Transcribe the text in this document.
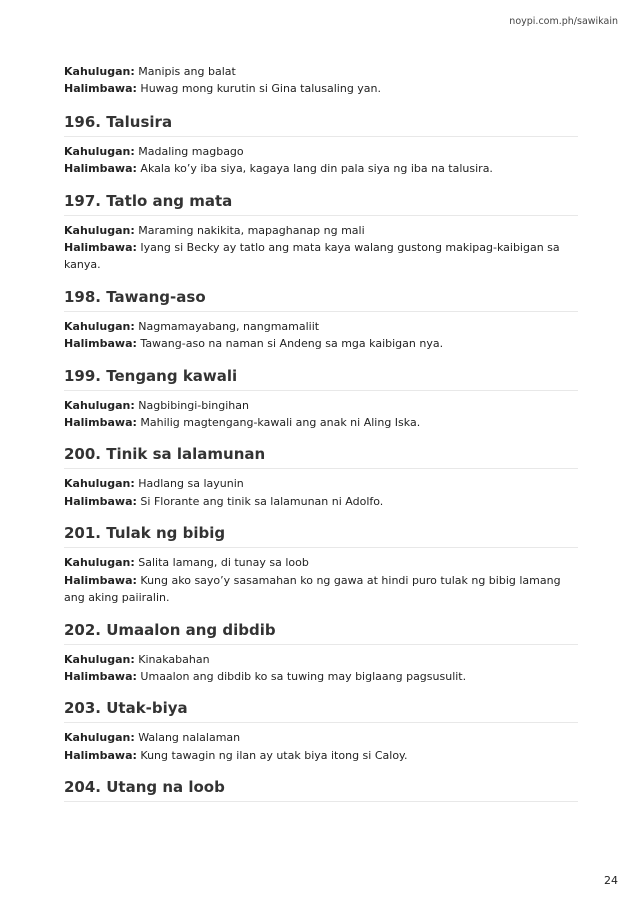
noypi.com.ph/sawikain

Kahulugan: Manipis ang balat

Halimbawa: Huwag mong kurutin si Gina talusaling yan.

196. Talusira

Kahulugan: Madaling magbago

Halimbawa: Akala ko’y iba siya, kagaya lang din pala siya ng iba na talusira.

197. Tatlo ang mata

Kahulugan: Maraming nakikita, mapaghanap ng mali

Halimbawa: Iyang si Becky ay tatlo ang mata kaya walang gustong makipag-kaibigan sa kanya.

198. Tawang-aso

Kahulugan: Nagmamayabang, nangmamaliit

Halimbawa: Tawang-aso na naman si Andeng sa mga kaibigan nya.

199. Tengang kawali

Kahulugan: Nagbibingi-bingihan

Halimbawa: Mahilig magtengang-kawali ang anak ni Aling Iska.

200. Tinik sa lalamunan

Kahulugan: Hadlang sa layunin

Halimbawa: Si Florante ang tinik sa lalamunan ni Adolfo.

201. Tulak ng bibig

Kahulugan: Salita lamang, di tunay sa loob

Halimbawa: Kung ako sayo’y sasamahan ko ng gawa at hindi puro tulak ng bibig lamang ang aking paiiralin.

202. Umaalon ang dibdib

Kahulugan: Kinakabahan

Halimbawa: Umaalon ang dibdib ko sa tuwing may biglaang pagsusulit.

203. Utak-biya

Kahulugan: Walang nalalaman

Halimbawa: Kung tawagin ng ilan ay utak biya itong si Caloy.

204. Utang na loob

24
